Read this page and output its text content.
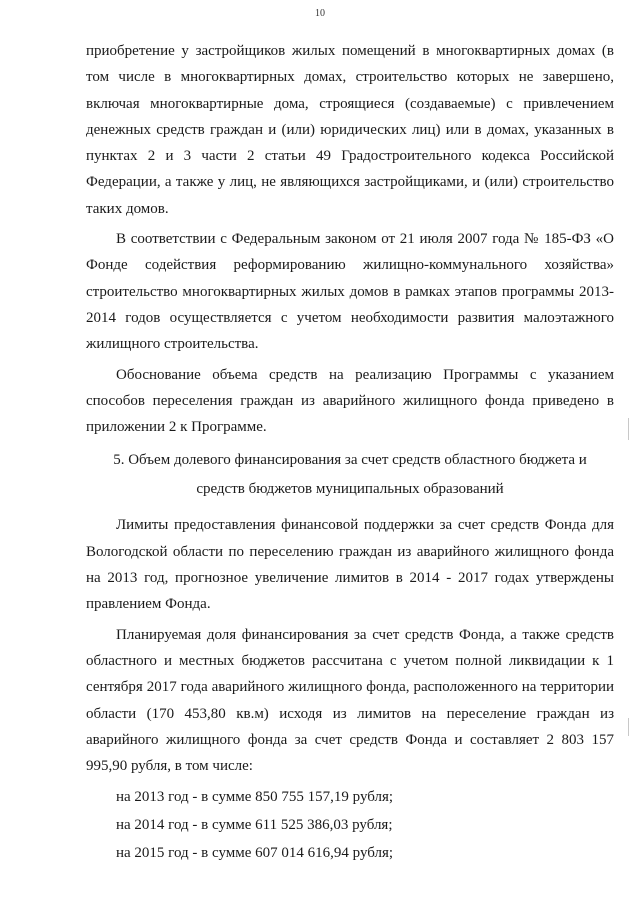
10

приобретение у застройщиков жилых помещений в многоквартирных домах (в том числе в многоквартирных домах, строительство которых не завершено, включая многоквартирные дома, строящиеся (создаваемые) с привлечением денежных средств граждан и (или) юридических лиц) или в домах, указанных в пунктах 2 и 3 части 2 статьи 49 Градостроительного кодекса Российской Федерации, а также у лиц, не являющихся застройщиками, и (или) строительство таких домов.

В соответствии с Федеральным законом от 21 июля 2007 года № 185-ФЗ «О Фонде содействия реформированию жилищно-коммунального хозяйства» строительство многоквартирных жилых домов в рамках этапов программы 2013-2014 годов осуществляется с учетом необходимости развития малоэтажного жилищного строительства.

Обоснование объема средств на реализацию Программы с указанием способов переселения граждан из аварийного жилищного фонда приведено в приложении 2 к Программе.

5. Объем долевого финансирования за счет средств областного бюджета и
средств бюджетов муниципальных образований

Лимиты предоставления финансовой поддержки за счет средств Фонда для Вологодской области по переселению граждан из аварийного жилищного фонда на 2013 год, прогнозное увеличение лимитов в 2014 - 2017 годах утверждены правлением Фонда.

Планируемая доля финансирования за счет средств Фонда, а также средств областного и местных бюджетов рассчитана с учетом полной ликвидации к 1 сентября 2017 года аварийного жилищного фонда, расположенного на территории области (170 453,80 кв.м) исходя из лимитов на переселение граждан из аварийного жилищного фонда за счет средств Фонда и составляет 2 803 157 995,90 рубля, в том числе:

на 2013 год - в сумме 850 755 157,19 рубля;
на 2014 год - в сумме 611 525 386,03 рубля;
на 2015 год - в сумме 607 014 616,94 рубля;
